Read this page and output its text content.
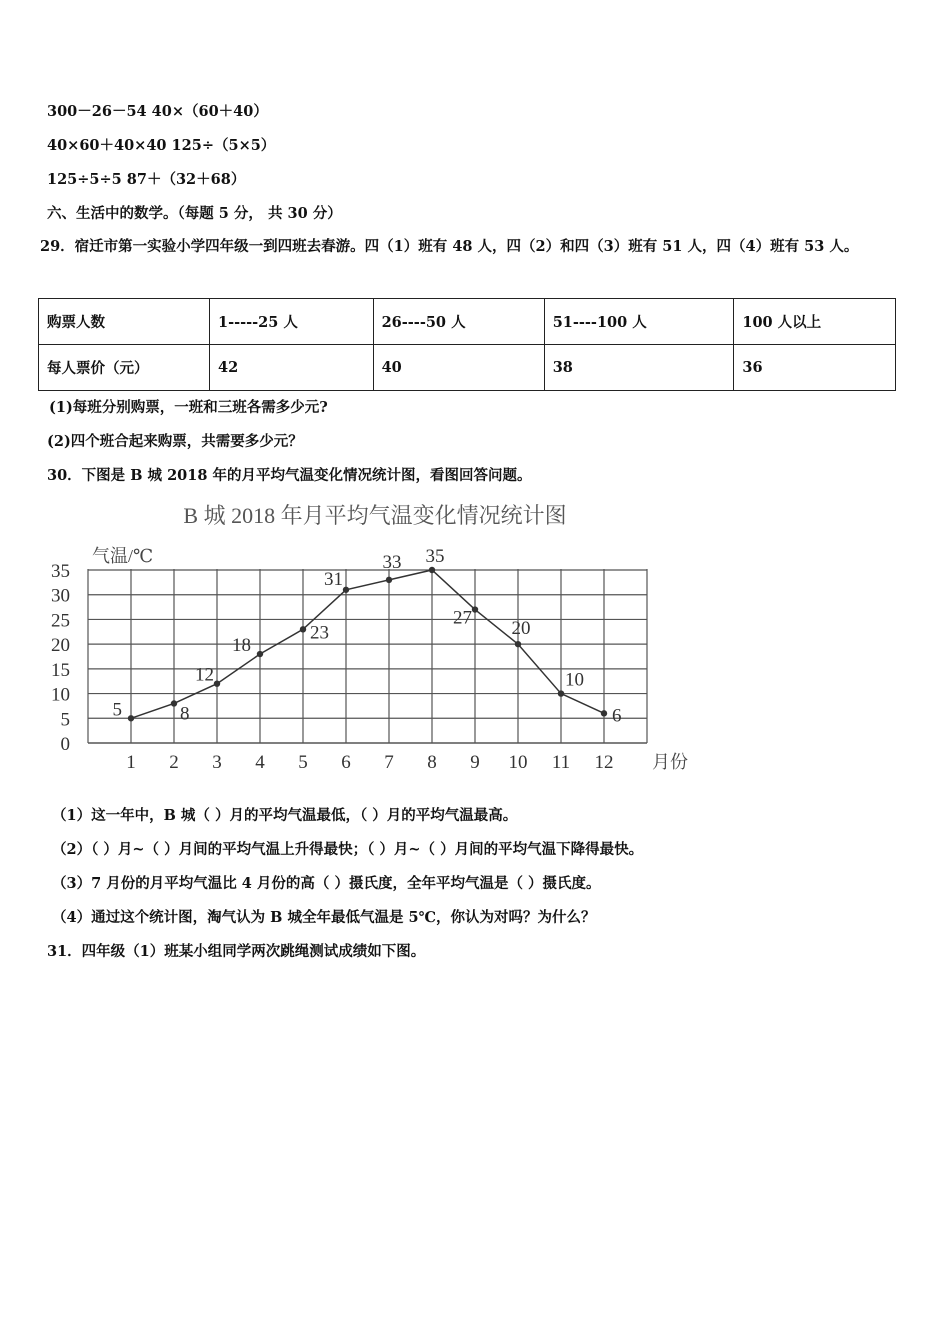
300－26－54 40×（60＋40）
40×60＋40×40 125÷（5×5）
125÷5÷5 87＋（32＋68）
六、生活中的数学。（每题 5 分， 共 30 分）
29．宿迁市第一实验小学四年级一到四班去春游。四（1）班有 48 人，四（2）和四（3）班有 51 人，四（4）班有 53 人。
购票人数	1-----25 人	26----50 人	51----100 人	100 人以上
每人票价（元）	42	40	38	36
(1)每班分别购票，一班和三班各需多少元?
(2)四个班合起来购票，共需要多少元？
30．下图是 B 城 2018 年的月平均气温变化情况统计图，看图回答问题。
B 城 2018 年月平均气温变化情况统计图
0
5
10
15
20
25
30
35
1 2 3 4 5 6 7 8 9 10 11 12
气温/℃
月份
5	8
12
18
23
31
33 35
27
20
10
6
（1）这一年中，B 城（ ）月的平均气温最低，（ ）月的平均气温最高。
（2）（ ）月~（ ）月间的平均气温上升得最快；（ ）月~（ ）月间的平均气温下降得最快。
（3）7 月份的月平均气温比 4 月份的高（ ）摄氏度，全年平均气温是（ ）摄氏度。
（4）通过这个统计图，淘气认为 B 城全年最低气温是 5℃，你认为对吗？为什么？
31．四年级（1）班某小组同学两次跳绳测试成绩如下图。
